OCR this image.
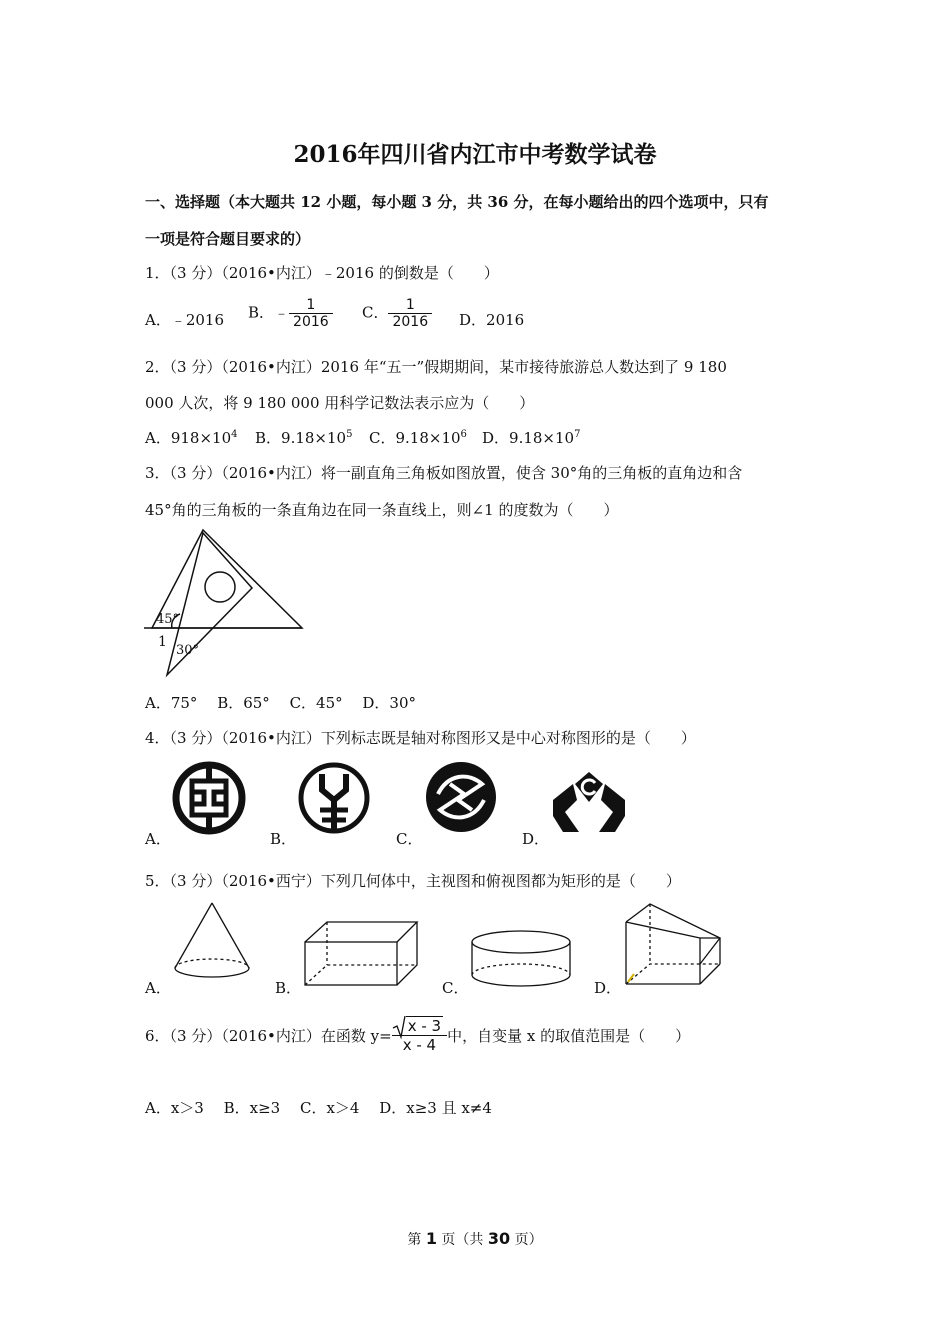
2016年四川省内江市中考数学试卷
一、选择题（本大题共 12 小题，每小题 3 分，共 36 分，在每小题给出的四个选项中，只有
一项是符合题目要求的）
1．（3 分）（2016•内江）﹣2016 的倒数是（　　）
A．﹣2016 B．﹣ $\frac{1}{2016}$ C． $\frac{1}{2016}$ D．2016
2．（3 分）（2016•内江）2016 年“五一”假期期间，某市接待旅游总人数达到了 9 180
000 人次，将 9 180 000 用科学记数法表示应为（　　）
A．$918\times 10^4$ B．$9.18\times 10^5$ C．$9.18\times 10^6$ D．$9.18\times 10^7$
3．（3 分）（2016•内江）将一副直角三角板如图放置，使含 30°角的三角板的直角边和含
45°角的三角板的一条直角边在同一条直线上，则∠1 的度数为（　　）
45°
1
30°
A．75°　 B．65°　 C．45°　 D．30°
4．（3 分）（2016•内江）下列标志既是轴对称图形又是中心对称图形的是（　　）
A．	B．	C．	D．
5．（3 分）（2016•西宁）下列几何体中，主视图和俯视图都为矩形的是（　　）
A．	B．	C．	D．
6．（3 分）（2016•内江）在函数 $y= \frac{x - 3}{x - 4}$ 中，自变量 x 的取值范围是（　　）
A．x＞3　 B．x≥3　 C．x＞4　 D．x≥3 且 x≠4
第 1 页（共 30 页）
